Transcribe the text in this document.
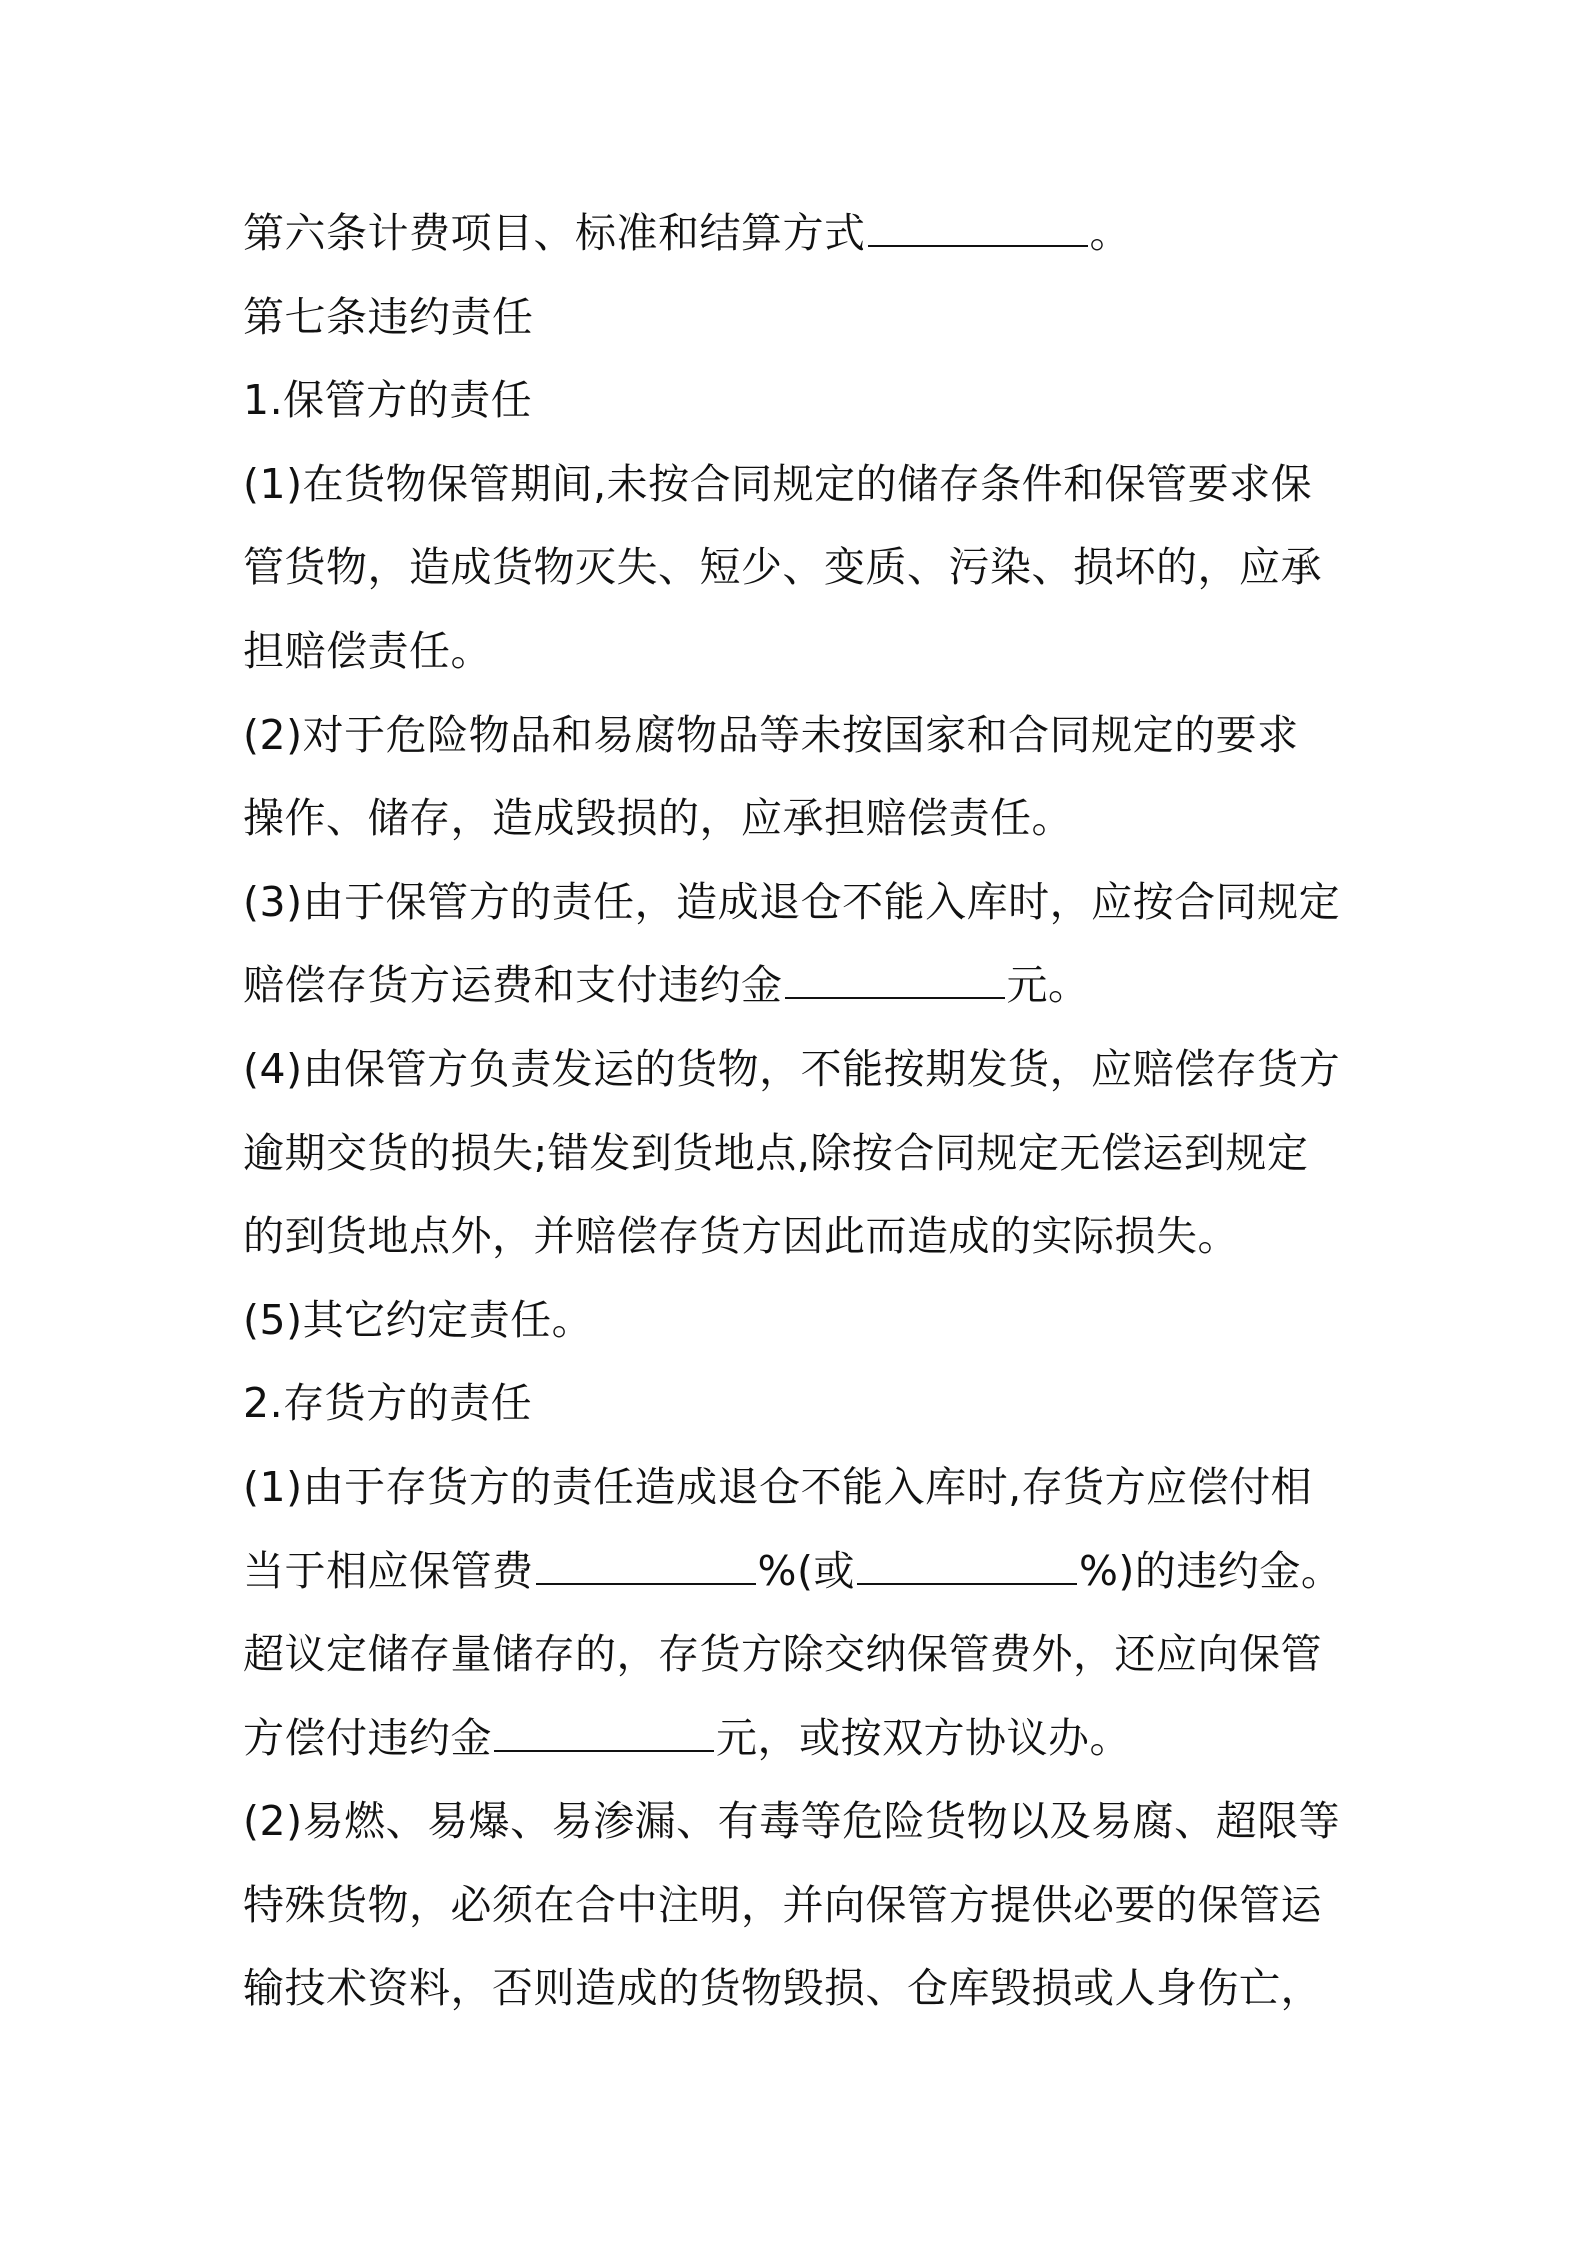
第六条计费项目、标准和结算方式	。
第七条违约责任
1.保管方的责任
(1)在货物保管期间,未按合同规定的储存条件和保管要求保
管货物，造成货物灭失、短少、变质、污染、损坏的，应承
担赔偿责任。
(2)对于危险物品和易腐物品等未按国家和合同规定的要求
操作、储存，造成毁损的，应承担赔偿责任。
(3)由于保管方的责任，造成退仓不能入库时，应按合同规定
赔偿存货方运费和支付违约金	元。
(4)由保管方负责发运的货物，不能按期发货，应赔偿存货方
逾期交货的损失;错发到货地点,除按合同规定无偿运到规定
的到货地点外，并赔偿存货方因此而造成的实际损失。
(5)其它约定责任。
2.存货方的责任
(1)由于存货方的责任造成退仓不能入库时,存货方应偿付相
当于相应保管费	%(或	%)的违约金。
超议定储存量储存的，存货方除交纳保管费外，还应向保管
方偿付违约金	元，或按双方协议办。
(2)易燃、易爆、易渗漏、有毒等危险货物以及易腐、超限等
特殊货物，必须在合中注明，并向保管方提供必要的保管运
输技术资料，否则造成的货物毁损、仓库毁损或人身伤亡，
